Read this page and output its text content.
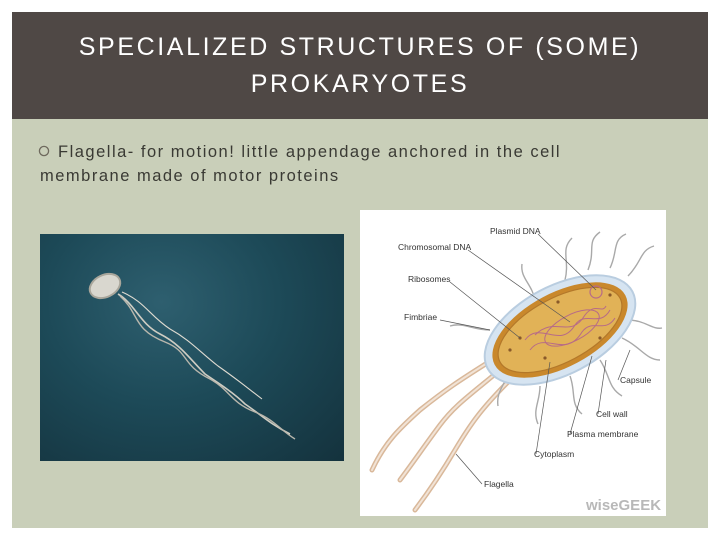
SPECIALIZED STRUCTURES OF (SOME)
PROKARYOTES
Flagella- for motion! little appendage anchored in the cell
membrane made of motor proteins
Plasmid DNA
Chromosomal DNA
Ribosomes
Fimbriae
Capsule
Cell wall
Plasma membrane
Cytoplasm
Flagella
wiseGEEK
